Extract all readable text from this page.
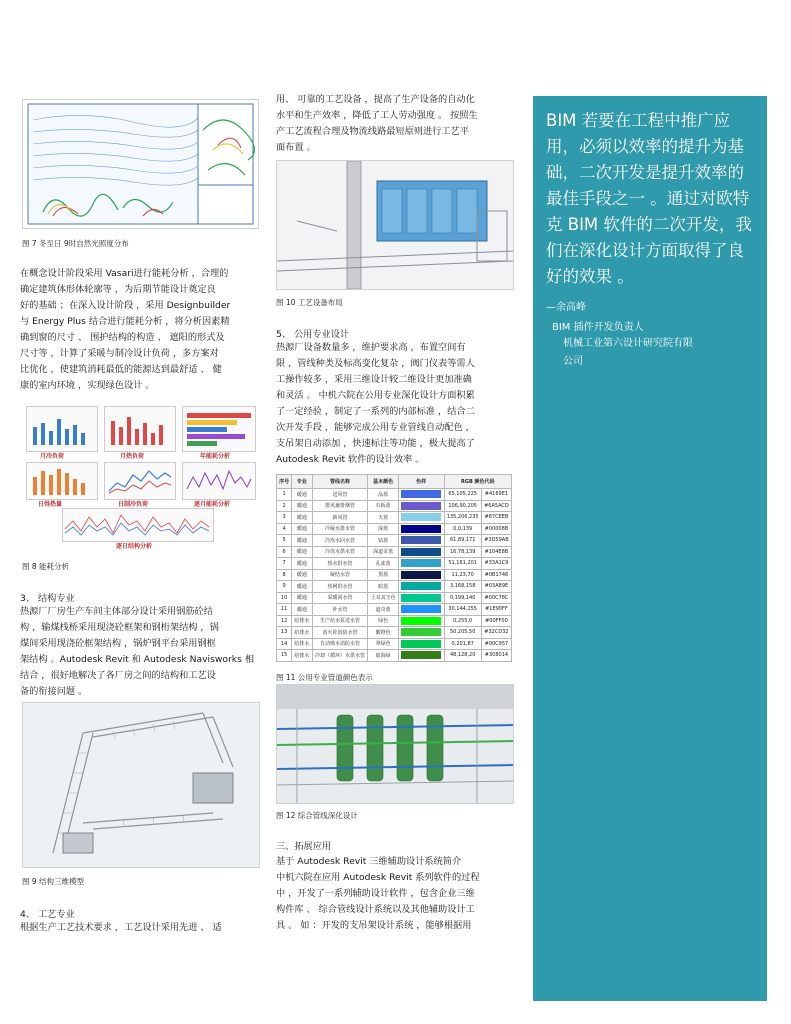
图 7 冬至日 9时自然光照度分布

在概念设计阶段采用 Vasari进行能耗分析 ，合理的

确定建筑体形体轮廓等 ，为后期节能设计奠定良

好的基础 ；在深入设计阶段 ，采用 Designbuilder

与 Energy Plus 结合进行能耗分析 ，将分析因素精

确到窗的尺寸 、 围护结构的构造 、 遮阳的形式及

尺寸等 ，计算了采暖与制冷设计负荷 ，多方案对

比优化 ，使建筑消耗最低的能源达到最舒适 、 健

康的室内环境 ，实现绿色设计 。

月冷负荷	月热负荷	年能耗分析
日得热量	日制冷负荷	逐月能耗分析
逐日结构分析
图 8 能耗分析
3、 结构专业

热源厂厂房生产车间主体部分设计采用钢筋砼结

构 ，输煤栈桥采用现浇砼框架和钢桁架结构 ，锅

煤间采用现浇砼框架结构 ，锅炉钢平台采用钢框

架结构 。Autodesk Revit 和 Autodesk Navisworks 相

结合 ，很好地解决了各厂房之间的结构和工艺设

备的衔接问题 。

图 9 结构三维模型
4、 工艺专业

根据生产工艺技术要求 ，工艺设计采用先进 、 适

用、 可靠的工艺设备 ，提高了生产设备的自动化

水平和生产效率 ，降低了工人劳动强度 。 按照生

产工艺流程合理及物流线路最短原则进行工艺平

面布置 。

图 10 工艺设备布局
5、 公用专业设计

热源厂设备数量多 ，维护要求高 ，布置空间有

限 ，管线种类及标高变化复杂 ，阀门仪表等需人

工操作较多 ，采用三维设计较二维设计更加准确

和灵活 。 中机六院在公用专业深化设计方面积累

了一定经验 ，制定了一系列的内部标准 ，结合二

次开发手段 ，能够完成公用专业管线自动配色 ，

支吊架自动添加 ，快速标注等功能 ，极大提高了

Autodesk Revit 软件的设计效率 。

序号	专业	管线名称	基本颜色	色样	RGB 颜色代码	
1	暖通	送风管	品蓝		65,105,225	#4169E1
2	暖通	排风兼排烟管	石板蓝		106,90,205	#6A5ACD
3	暖通	新风管	天蓝		135,206,235	#87CEEB
4	暖通	冷凝水排水管	深蓝		0,0,139	#00008B
5	暖通	冷冻水回水管	钴蓝		61,89,171	#3D59AB
6	暖通	冷冻水供水管	深道奇蓝		16,78,139	#104E8B
7	暖通	热水供水管	孔雀蓝		51,161,201	#33A1C9
8	暖通	凝结水管	黑蓝		11,23,70	#0B1746
9	暖通	热网供水管	暗蓝		3,168,158	#03A89E
10	暖通	采暖回水管	土耳其玉色		0,199,140	#00C78C
11	暖通	补水管	道奇蓝		30,144,255	#1E90FF
12	给排水	生产给水泵送水管	绿色		0,255,0	#00FF00
13	给排水	消火栓消防水管	酸橙色		50,205,50	#32CD32
14	给排水	自动喷水消防水管	翠绿色		0,201,87	#00C957
15	给排水	冷却（循环）水供水管	暗海绿		48,128,20	#308014
图 11 公用专业管道颜色表示
图 12 综合管线深化设计
三、拓展应用

基于 Autodesk Revit 三维辅助设计系统简介

中机六院在应用 Autodesk Revit 系列软件的过程

中 ，开发了一系列辅助设计软件 ，包含企业三维

构件库 、 综合管线设计系统以及其他辅助设计工

具 。 如 ：开发的支吊架设计系统 ，能够根据用

BIM 若要在工程中推广应用，必须以效率的提升为基础，二次开发是提升效率的最佳手段之一 。通过对欧特克 BIM 软件的二次开发，我们在深化设计方面取得了良好的效果 。
—余高峰
BIM 插件开发负责人
机械工业第六设计研究院有限
公司
